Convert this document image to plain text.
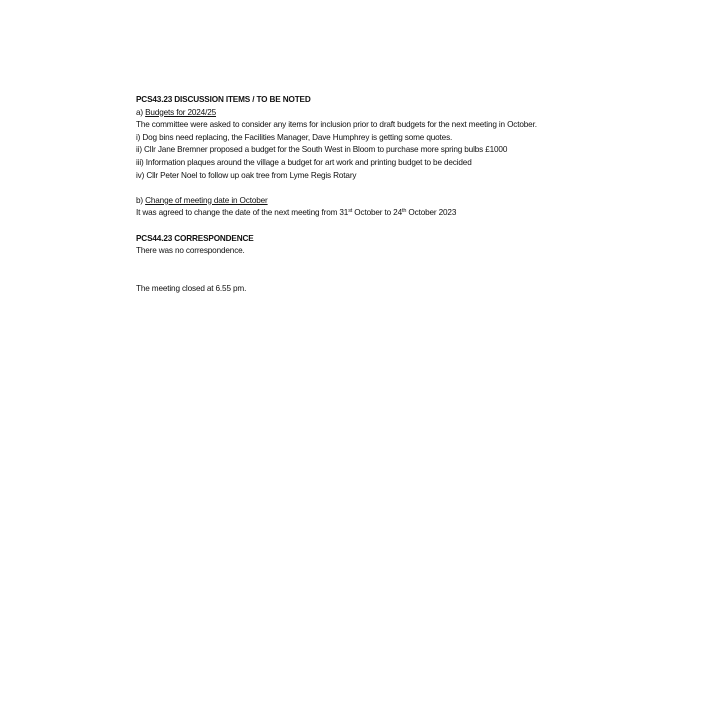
PCS43.23 DISCUSSION ITEMS / TO BE NOTED
a) Budgets for 2024/25
The committee were asked to consider any items for inclusion prior to draft budgets for the next meeting in October.
i) Dog bins need replacing, the Facilities Manager, Dave Humphrey is getting some quotes.
ii) Cllr Jane Bremner proposed a budget for the South West in Bloom to purchase more spring bulbs £1000
iii) Information plaques around the village a budget for art work and printing budget to be decided
iv) Cllr Peter Noel to follow up oak tree from Lyme Regis Rotary
b) Change of meeting date in October
It was agreed to change the date of the next meeting from 31st October to 24th October 2023
PCS44.23 CORRESPONDENCE
There was no correspondence.
The meeting closed at 6.55 pm.
